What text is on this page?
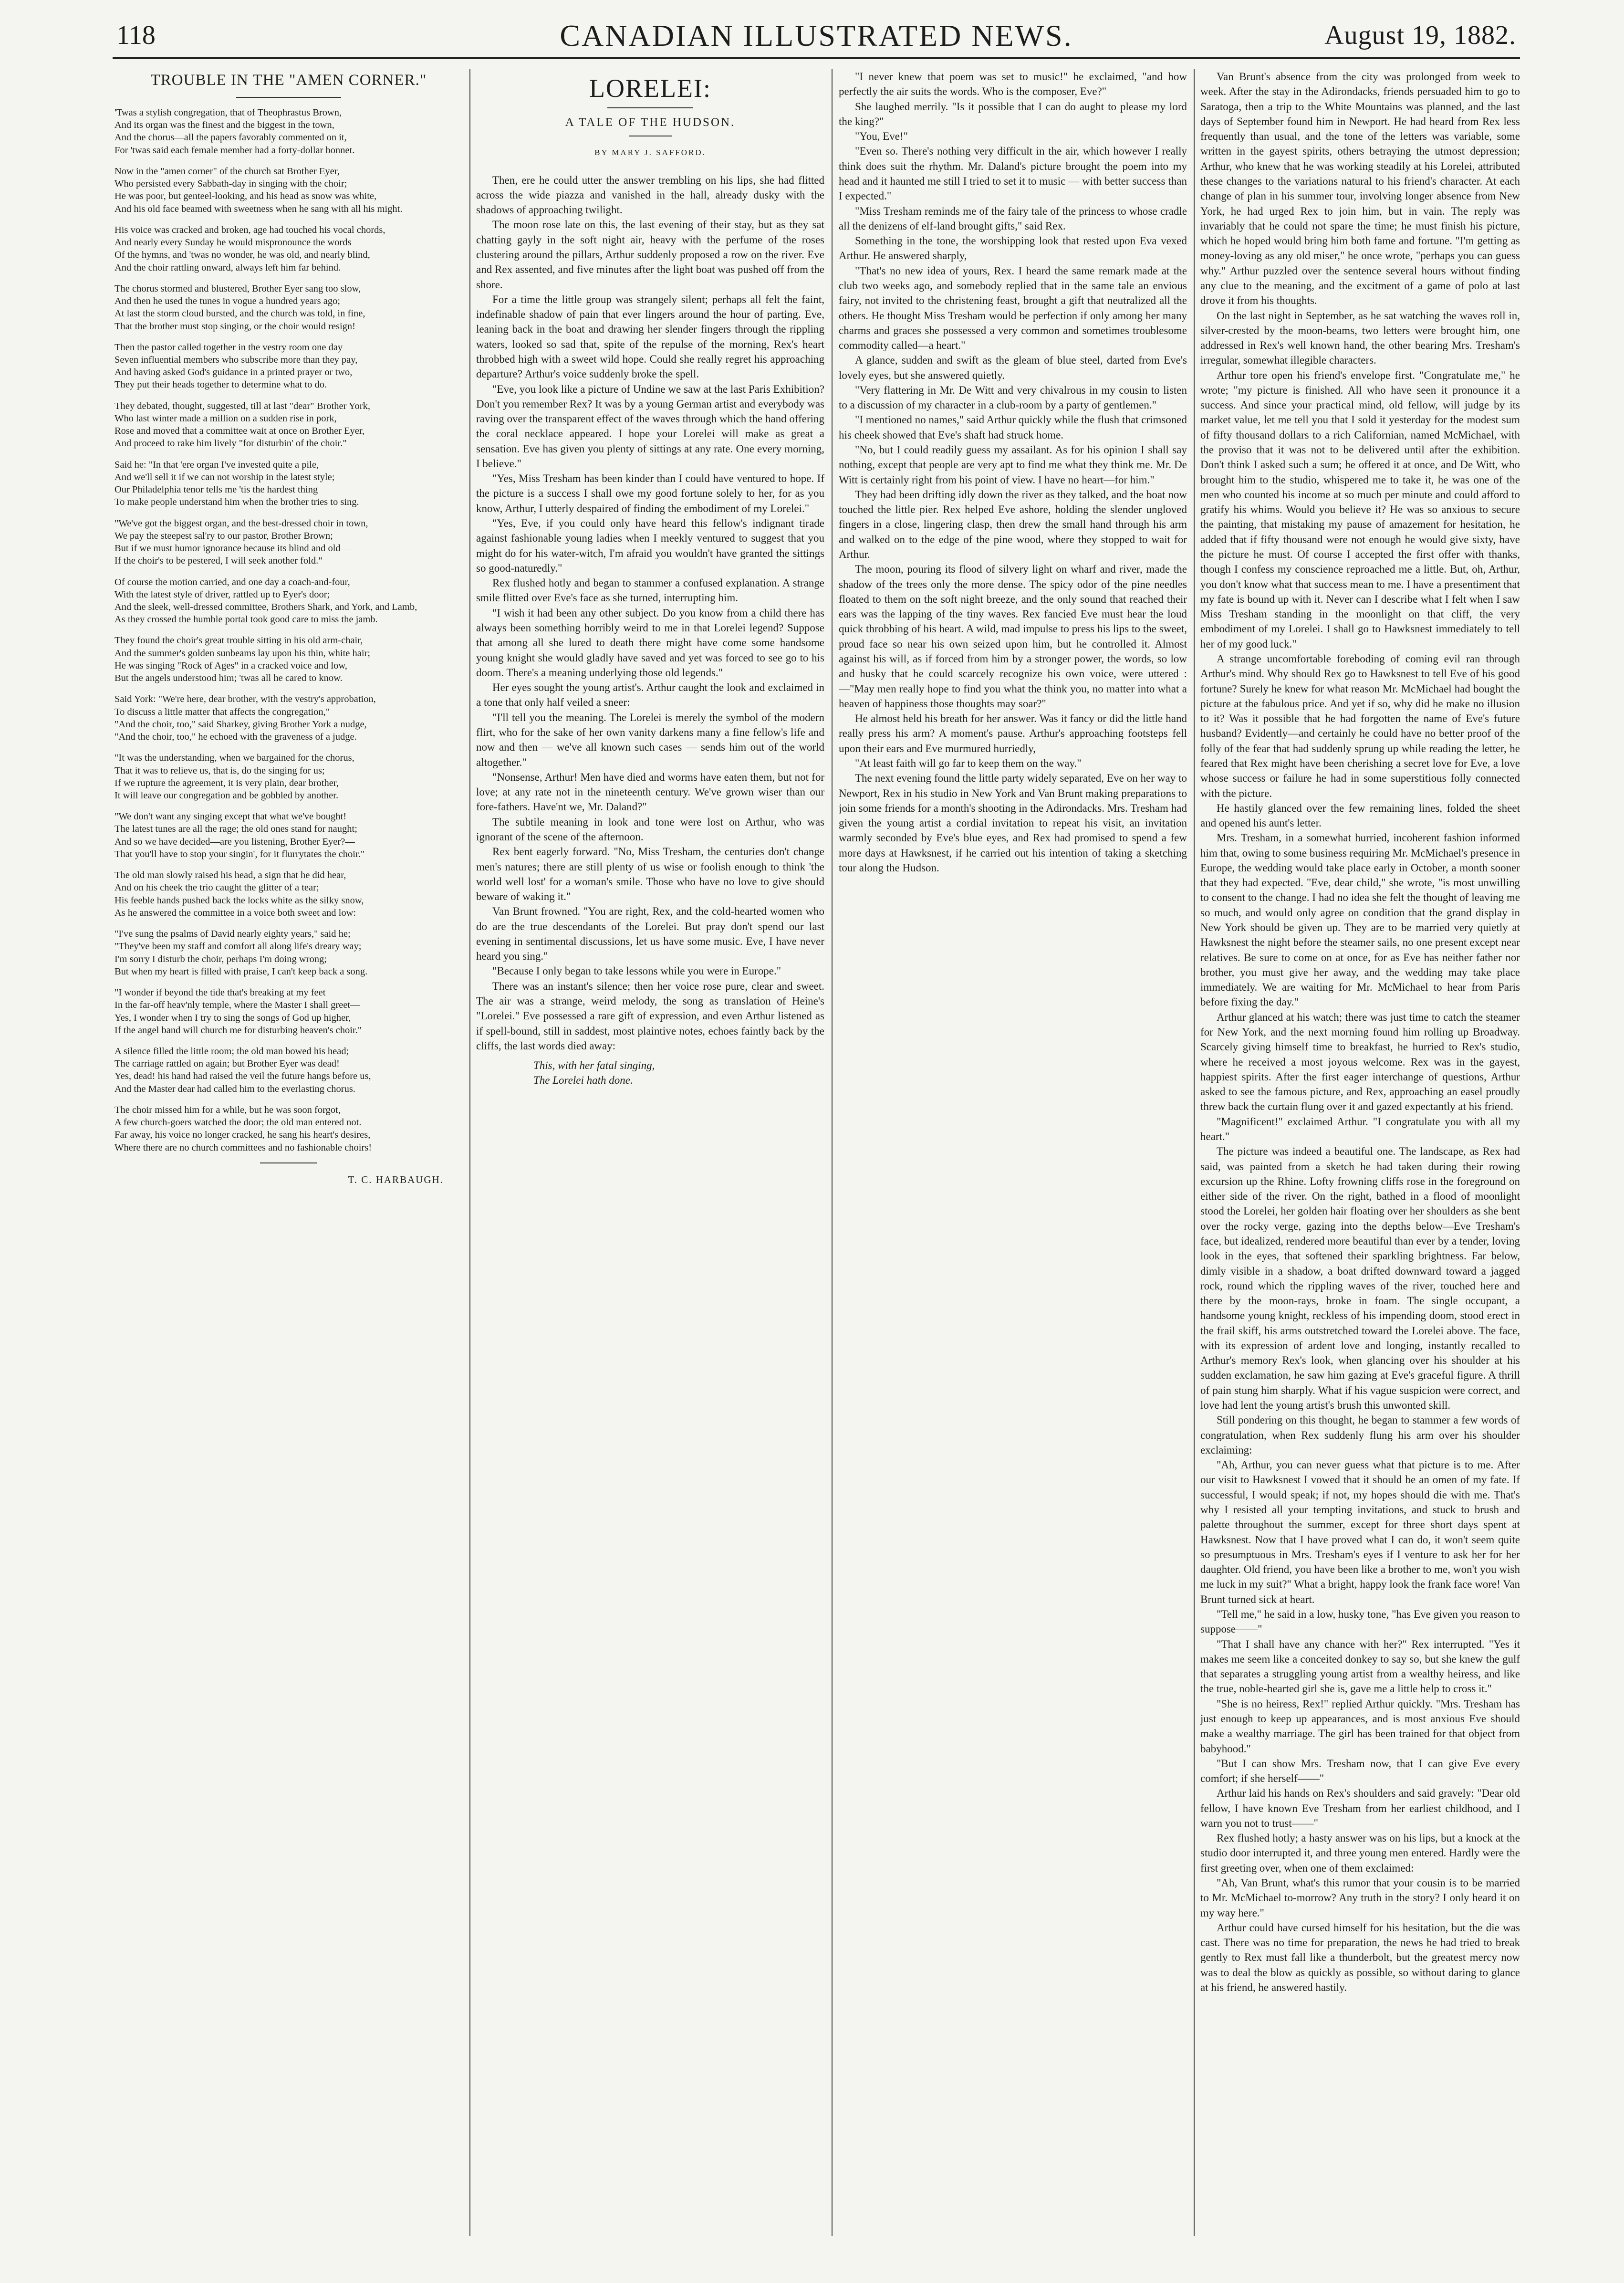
118	CANADIAN ILLUSTRATED NEWS.	August 19, 1882.
TROUBLE IN THE "AMEN CORNER."
'Twas a stylish congregation, that of Theophrastus Brown,
And its organ was the finest and the biggest in the town,
And the chorus—all the papers favorably commented on it,
For 'twas said each female member had a forty-dollar bonnet.
Now in the "amen corner" of the church sat Brother Eyer,
Who persisted every Sabbath-day in singing with the choir;
He was poor, but genteel-looking, and his head as snow was white,
And his old face beamed with sweetness when he sang with all his might.
His voice was cracked and broken, age had touched his vocal chords,
And nearly every Sunday he would mispronounce the words
Of the hymns, and 'twas no wonder, he was old, and nearly blind,
And the choir rattling onward, always left him far behind.
The chorus stormed and blustered, Brother Eyer sang too slow,
And then he used the tunes in vogue a hundred years ago;
At last the storm cloud bursted, and the church was told, in fine,
That the brother must stop singing, or the choir would resign!
Then the pastor called together in the vestry room one day
Seven influential members who subscribe more than they pay,
And having asked God's guidance in a printed prayer or two,
They put their heads together to determine what to do.
They debated, thought, suggested, till at last "dear" Brother York,
Who last winter made a million on a sudden rise in pork,
Rose and moved that a committee wait at once on Brother Eyer,
And proceed to rake him lively "for disturbin' of the choir."
Said he: "In that 'ere organ I've invested quite a pile,
And we'll sell it if we can not worship in the latest style;
Our Philadelphia tenor tells me 'tis the hardest thing
To make people understand him when the brother tries to sing.
"We've got the biggest organ, and the best-dressed choir in town,
We pay the steepest sal'ry to our pastor, Brother Brown;
But if we must humor ignorance because its blind and old—
If the choir's to be pestered, I will seek another fold."
Of course the motion carried, and one day a coach-and-four,
With the latest style of driver, rattled up to Eyer's door;
And the sleek, well-dressed committee, Brothers Shark, and York, and Lamb,
As they crossed the humble portal took good care to miss the jamb.
They found the choir's great trouble sitting in his old arm-chair,
And the summer's golden sunbeams lay upon his thin, white hair;
He was singing "Rock of Ages" in a cracked voice and low,
But the angels understood him; 'twas all he cared to know.
Said York: "We're here, dear brother, with the vestry's approbation,
To discuss a little matter that affects the congregation,"
"And the choir, too," said Sharkey, giving Brother York a nudge,
"And the choir, too," he echoed with the graveness of a judge.
"It was the understanding, when we bargained for the chorus,
That it was to relieve us, that is, do the singing for us;
If we rupture the agreement, it is very plain, dear brother,
It will leave our congregation and be gobbled by another.
"We don't want any singing except that what we've bought!
The latest tunes are all the rage; the old ones stand for naught;
And so we have decided—are you listening, Brother Eyer?—
That you'll have to stop your singin', for it flurrytates the choir."
The old man slowly raised his head, a sign that he did hear,
And on his cheek the trio caught the glitter of a tear;
His feeble hands pushed back the locks white as the silky snow,
As he answered the committee in a voice both sweet and low:
"I've sung the psalms of David nearly eighty years," said he;
"They've been my staff and comfort all along life's dreary way;
I'm sorry I disturb the choir, perhaps I'm doing wrong;
But when my heart is filled with praise, I can't keep back a song.
"I wonder if beyond the tide that's breaking at my feet
In the far-off heav'nly temple, where the Master I shall greet—
Yes, I wonder when I try to sing the songs of God up higher,
If the angel band will church me for disturbing heaven's choir."
A silence filled the little room; the old man bowed his head;
The carriage rattled on again; but Brother Eyer was dead!
Yes, dead! his hand had raised the veil the future hangs before us,
And the Master dear had called him to the everlasting chorus.
The choir missed him for a while, but he was soon forgot,
A few church-goers watched the door; the old man entered not.
Far away, his voice no longer cracked, he sang his heart's desires,
Where there are no church committees and no fashionable choirs!
T. C. HARBAUGH.
LORELEI:
A TALE OF THE HUDSON.
BY MARY J. SAFFORD.

Then, ere he could utter the answer trembling on his lips, she had flitted across the wide piazza and vanished in the hall, already dusky with the shadows of approaching twilight.

The moon rose late on this, the last evening of their stay, but as they sat chatting gayly in the soft night air, heavy with the perfume of the roses clustering around the pillars, Arthur suddenly proposed a row on the river. Eve and Rex assented, and five minutes after the light boat was pushed off from the shore.

For a time the little group was strangely silent; perhaps all felt the faint, indefinable shadow of pain that ever lingers around the hour of parting. Eve, leaning back in the boat and drawing her slender fingers through the rippling waters, looked so sad that, spite of the repulse of the morning, Rex's heart throbbed high with a sweet wild hope. Could she really regret his approaching departure? Arthur's voice suddenly broke the spell.

"Eve, you look like a picture of Undine we saw at the last Paris Exhibition? Don't you remember Rex? It was by a young German artist and everybody was raving over the transparent effect of the waves through which the hand offering the coral necklace appeared. I hope your Lorelei will make as great a sensation. Eve has given you plenty of sittings at any rate. One every morning, I believe."

"Yes, Miss Tresham has been kinder than I could have ventured to hope. If the picture is a success I shall owe my good fortune solely to her, for as you know, Arthur, I utterly despaired of finding the embodiment of my Lorelei."

"Yes, Eve, if you could only have heard this fellow's indignant tirade against fashionable young ladies when I meekly ventured to suggest that you might do for his water-witch, I'm afraid you wouldn't have granted the sittings so good-naturedly."

Rex flushed hotly and began to stammer a confused explanation. A strange smile flitted over Eve's face as she turned, interrupting him.

"I wish it had been any other subject. Do you know from a child there has always been something horribly weird to me in that Lorelei legend? Suppose that among all she lured to death there might have come some handsome young knight she would gladly have saved and yet was forced to see go to his doom. There's a meaning underlying those old legends."

Her eyes sought the young artist's. Arthur caught the look and exclaimed in a tone that only half veiled a sneer:

"I'll tell you the meaning. The Lorelei is merely the symbol of the modern flirt, who for the sake of her own vanity darkens many a fine fellow's life and now and then — we've all known such cases — sends him out of the world altogether."

"Nonsense, Arthur! Men have died and worms have eaten them, but not for love; at any rate not in the nineteenth century. We've grown wiser than our fore-fathers. Have'nt we, Mr. Daland?"

The subtile meaning in look and tone were lost on Arthur, who was ignorant of the scene of the afternoon.

Rex bent eagerly forward. "No, Miss Tresham, the centuries don't change men's natures; there are still plenty of us wise or foolish enough to think 'the world well lost' for a woman's smile. Those who have no love to give should beware of waking it."

Van Brunt frowned. "You are right, Rex, and the cold-hearted women who do are the true descendants of the Lorelei. But pray don't spend our last evening in sentimental discussions, let us have some music. Eve, I have never heard you sing."

"Because I only began to take lessons while you were in Europe."

There was an instant's silence; then her voice rose pure, clear and sweet. The air was a strange, weird melody, the song as translation of Heine's "Lorelei." Eve possessed a rare gift of expression, and even Arthur listened as if spell-bound, still in saddest, most plaintive notes, echoes faintly back by the cliffs, the last words died away:

This, with her fatal singing,
The Lorelei hath done.

"I never knew that poem was set to music!" he exclaimed, "and how perfectly the air suits the words. Who is the composer, Eve?"

She laughed merrily. "Is it possible that I can do aught to please my lord the king?"

"You, Eve!"

"Even so. There's nothing very difficult in the air, which however I really think does suit the rhythm. Mr. Daland's picture brought the poem into my head and it haunted me still I tried to set it to music — with better success than I expected."

"Miss Tresham reminds me of the fairy tale of the princess to whose cradle all the denizens of elf-land brought gifts," said Rex.

Something in the tone, the worshipping look that rested upon Eva vexed Arthur. He answered sharply,

"That's no new idea of yours, Rex. I heard the same remark made at the club two weeks ago, and somebody replied that in the same tale an envious fairy, not invited to the christening feast, brought a gift that neutralized all the others. He thought Miss Tresham would be perfection if only among her many charms and graces she possessed a very common and sometimes troublesome commodity called—a heart."

A glance, sudden and swift as the gleam of blue steel, darted from Eve's lovely eyes, but she answered quietly.

"Very flattering in Mr. De Witt and very chivalrous in my cousin to listen to a discussion of my character in a club-room by a party of gentlemen."

"I mentioned no names," said Arthur quickly while the flush that crimsoned his cheek showed that Eve's shaft had struck home.

"No, but I could readily guess my assailant. As for his opinion I shall say nothing, except that people are very apt to find me what they think me. Mr. De Witt is certainly right from his point of view. I have no heart—for him."

They had been drifting idly down the river as they talked, and the boat now touched the little pier. Rex helped Eve ashore, holding the slender ungloved fingers in a close, lingering clasp, then drew the small hand through his arm and walked on to the edge of the pine wood, where they stopped to wait for Arthur.

The moon, pouring its flood of silvery light on wharf and river, made the shadow of the trees only the more dense. The spicy odor of the pine needles floated to them on the soft night breeze, and the only sound that reached their ears was the lapping of the tiny waves. Rex fancied Eve must hear the loud quick throbbing of his heart. A wild, mad impulse to press his lips to the sweet, proud face so near his own seized upon him, but he controlled it. Almost against his will, as if forced from him by a stronger power, the words, so low and husky that he could scarcely recognize his own voice, were uttered :—"May men really hope to find you what the think you, no matter into what a heaven of happiness those thoughts may soar?"

He almost held his breath for her answer. Was it fancy or did the little hand really press his arm? A moment's pause. Arthur's approaching footsteps fell upon their ears and Eve murmured hurriedly,

"At least faith will go far to keep them on the way."

The next evening found the little party widely separated, Eve on her way to Newport, Rex in his studio in New York and Van Brunt making preparations to join some friends for a month's shooting in the Adirondacks. Mrs. Tresham had given the young artist a cordial invitation to repeat his visit, an invitation warmly seconded by Eve's blue eyes, and Rex had promised to spend a few more days at Hawksnest, if he carried out his intention of taking a sketching tour along the Hudson.

Van Brunt's absence from the city was prolonged from week to week. After the stay in the Adirondacks, friends persuaded him to go to Saratoga, then a trip to the White Mountains was planned, and the last days of September found him in Newport. He had heard from Rex less frequently than usual, and the tone of the letters was variable, some written in the gayest spirits, others betraying the utmost depression; Arthur, who knew that he was working steadily at his Lorelei, attributed these changes to the variations natural to his friend's character. At each change of plan in his summer tour, involving longer absence from New York, he had urged Rex to join him, but in vain. The reply was invariably that he could not spare the time; he must finish his picture, which he hoped would bring him both fame and fortune. "I'm getting as money-loving as any old miser," he once wrote, "perhaps you can guess why." Arthur puzzled over the sentence several hours without finding any clue to the meaning, and the excitment of a game of polo at last drove it from his thoughts.

On the last night in September, as he sat watching the waves roll in, silver-crested by the moon-beams, two letters were brought him, one addressed in Rex's well known hand, the other bearing Mrs. Tresham's irregular, somewhat illegible characters.

Arthur tore open his friend's envelope first. "Congratulate me," he wrote; "my picture is finished. All who have seen it pronounce it a success. And since your practical mind, old fellow, will judge by its market value, let me tell you that I sold it yesterday for the modest sum of fifty thousand dollars to a rich Californian, named McMichael, with the proviso that it was not to be delivered until after the exhibition. Don't think I asked such a sum; he offered it at once, and De Witt, who brought him to the studio, whispered me to take it, he was one of the men who counted his income at so much per minute and could afford to gratify his whims. Would you believe it? He was so anxious to secure the painting, that mistaking my pause of amazement for hesitation, he added that if fifty thousand were not enough he would give sixty, have the picture he must. Of course I accepted the first offer with thanks, though I confess my conscience reproached me a little. But, oh, Arthur, you don't know what that success mean to me. I have a presentiment that my fate is bound up with it. Never can I describe what I felt when I saw Miss Tresham standing in the moonlight on that cliff, the very embodiment of my Lorelei. I shall go to Hawksnest immediately to tell her of my good luck."

A strange uncomfortable foreboding of coming evil ran through Arthur's mind. Why should Rex go to Hawksnest to tell Eve of his good fortune? Surely he knew for what reason Mr. McMichael had bought the picture at the fabulous price. And yet if so, why did he make no illusion to it? Was it possible that he had forgotten the name of Eve's future husband? Evidently—and certainly he could have no better proof of the folly of the fear that had suddenly sprung up while reading the letter, he feared that Rex might have been cherishing a secret love for Eve, a love whose success or failure he had in some superstitious folly connected with the picture.

He hastily glanced over the few remaining lines, folded the sheet and opened his aunt's letter.

Mrs. Tresham, in a somewhat hurried, incoherent fashion informed him that, owing to some business requiring Mr. McMichael's presence in Europe, the wedding would take place early in October, a month sooner that they had expected. "Eve, dear child," she wrote, "is most unwilling to consent to the change. I had no idea she felt the thought of leaving me so much, and would only agree on condition that the grand display in New York should be given up. They are to be married very quietly at Hawksnest the night before the steamer sails, no one present except near relatives. Be sure to come on at once, for as Eve has neither father nor brother, you must give her away, and the wedding may take place immediately. We are waiting for Mr. McMichael to hear from Paris before fixing the day."

Arthur glanced at his watch; there was just time to catch the steamer for New York, and the next morning found him rolling up Broadway. Scarcely giving himself time to breakfast, he hurried to Rex's studio, where he received a most joyous welcome. Rex was in the gayest, happiest spirits. After the first eager interchange of questions, Arthur asked to see the famous picture, and Rex, approaching an easel proudly threw back the curtain flung over it and gazed expectantly at his friend.

"Magnificent!" exclaimed Arthur. "I congratulate you with all my heart."

The picture was indeed a beautiful one. The landscape, as Rex had said, was painted from a sketch he had taken during their rowing excursion up the Rhine. Lofty frowning cliffs rose in the foreground on either side of the river. On the right, bathed in a flood of moonlight stood the Lorelei, her golden hair floating over her shoulders as she bent over the rocky verge, gazing into the depths below—Eve Tresham's face, but idealized, rendered more beautiful than ever by a tender, loving look in the eyes, that softened their sparkling brightness. Far below, dimly visible in a shadow, a boat drifted downward toward a jagged rock, round which the rippling waves of the river, touched here and there by the moon-rays, broke in foam. The single occupant, a handsome young knight, reckless of his impending doom, stood erect in the frail skiff, his arms outstretched toward the Lorelei above. The face, with its expression of ardent love and longing, instantly recalled to Arthur's memory Rex's look, when glancing over his shoulder at his sudden exclamation, he saw him gazing at Eve's graceful figure. A thrill of pain stung him sharply. What if his vague suspicion were correct, and love had lent the young artist's brush this unwonted skill.

Still pondering on this thought, he began to stammer a few words of congratulation, when Rex suddenly flung his arm over his shoulder exclaiming:

"Ah, Arthur, you can never guess what that picture is to me. After our visit to Hawksnest I vowed that it should be an omen of my fate. If successful, I would speak; if not, my hopes should die with me. That's why I resisted all your tempting invitations, and stuck to brush and palette throughout the summer, except for three short days spent at Hawksnest. Now that I have proved what I can do, it won't seem quite so presumptuous in Mrs. Tresham's eyes if I venture to ask her for her daughter. Old friend, you have been like a brother to me, won't you wish me luck in my suit?" What a bright, happy look the frank face wore! Van Brunt turned sick at heart.

"Tell me," he said in a low, husky tone, "has Eve given you reason to suppose——"

"That I shall have any chance with her?" Rex interrupted. "Yes it makes me seem like a conceited donkey to say so, but she knew the gulf that separates a struggling young artist from a wealthy heiress, and like the true, noble-hearted girl she is, gave me a little help to cross it."

"She is no heiress, Rex!" replied Arthur quickly. "Mrs. Tresham has just enough to keep up appearances, and is most anxious Eve should make a wealthy marriage. The girl has been trained for that object from babyhood."

"But I can show Mrs. Tresham now, that I can give Eve every comfort; if she herself——"

Arthur laid his hands on Rex's shoulders and said gravely: "Dear old fellow, I have known Eve Tresham from her earliest childhood, and I warn you not to trust——"

Rex flushed hotly; a hasty answer was on his lips, but a knock at the studio door interrupted it, and three young men entered. Hardly were the first greeting over, when one of them exclaimed:

"Ah, Van Brunt, what's this rumor that your cousin is to be married to Mr. McMichael to-morrow? Any truth in the story? I only heard it on my way here."

Arthur could have cursed himself for his hesitation, but the die was cast. There was no time for preparation, the news he had tried to break gently to Rex must fall like a thunderbolt, but the greatest mercy now was to deal the blow as quickly as possible, so without daring to glance at his friend, he answered hastily.
